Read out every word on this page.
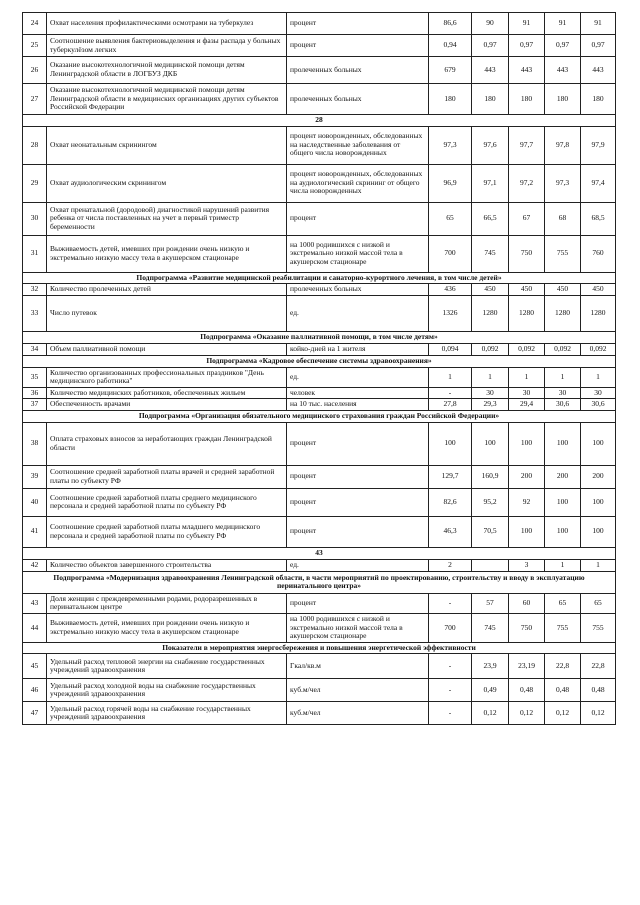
24	Охват населения профилактическими осмотрами на туберкулез	процент	86,6	90	91	91	91
25	Соотношение выявления бактериовыделения и фазы распада у больных туберкулёзом легких	процент	0,94	0,97	0,97	0,97	0,97
26	Оказание высокотехнологичной медицинской помощи детям Ленинградской области в ЛОГБУЗ ДКБ	пролеченных больных	679	443	443	443	443
27	Оказание высокотехнологичной медицинской помощи детям Ленинградской области в медицинских организациях других субъектов Российской Федерации	пролеченных больных	180	180	180	180	180
28							
28	Охват неонатальным скринингом	процент новорожденных, обследованных на наследственные заболевания от общего числа новорожденных	97,3	97,6	97,7	97,8	97,9
29	Охват аудиологическим скринингом	процент новорожденных, обследованных на аудиологический скрининг от общего числа новорожденных	96,9	97,1	97,2	97,3	97,4
30	Охват пренатальной (дородовой) диагностикой нарушений развития ребенка от числа поставленных на учет в первый триместр беременности	процент	65	66,5	67	68	68,5
31	Выживаемость детей, имевших при рождении очень низкую и экстремально низкую массу тела в акушерском стационаре	на 1000 родившихся с низкой и экстремально низкой массой тела в акушерском стационаре	700	745	750	755	760
Подпрограмма «Развитие медицинской реабилитации и санаторно-курортного лечения, в том числе детей»							
32	Количество пролеченных детей	пролеченных больных	436	450	450	450	450
33	Число путевок	ед.	1326	1280	1280	1280	1280
Подпрограмма «Оказание паллиативной помощи, в том числе детям»							
34	Объем паллиативной помощи	койко-дней на 1 жителя	0,094	0,092	0,092	0,092	0,092
Подпрограмма «Кадровое обеспечение системы здравоохранения»							
35	Количество организованных профессиональных праздников "День медицинского работника"	ед.	1	1	1	1	1
36	Количество медицинских работников, обеспеченных жильем	человек	-	30	30	30	30
37	Обеспеченность врачами	на 10 тыс. населения	27,8	29,3	29,4	30,6	30,6
Подпрограмма «Организация обязательного медицинского страхования граждан Российской Федерации»							
38	Оплата страховых взносов за неработающих граждан Ленинградской области	процент	100	100	100	100	100
39	Соотношение средней заработной платы врачей и средней заработной платы по субъекту РФ	процент	129,7	160,9	200	200	200
40	Соотношение средней заработной платы среднего медицинского персонала и средней заработной платы по субъекту РФ	процент	82,6	95,2	92	100	100
41	Соотношение средней заработной платы младшего медицинского персонала и средней заработной платы по субъекту РФ	процент	46,3	70,5	100	100	100
43							
42	Количество объектов завершенного строительства	ед.	2		3	1	1
Подпрограмма «Модернизация здравоохранения Ленинградской области, в части мероприятий по проектированию, строительству и вводу в эксплуатацию перинатального центра»							
43	Доля женщин с преждевременными родами, родоразрешенных в перинатальном центре	процент	-	57	60	65	65
44	Выживаемость детей, имевших при рождении очень низкую и экстремально низкую массу тела в акушерском стационаре	на 1000 родившихся с низкой и экстремально низкой массой тела в акушерском стационаре	700	745	750	755	755
Показатели в мероприятия энергосбережения и повышения энергетической эффективности							
45	Удельный расход тепловой энергии на снабжение государственных учреждений здравоохранения	Гкал/кв.м	-	23,9	23,19	22,8	22,8
46	Удельный расход холодной воды на снабжение государственных учреждений здравоохранения	куб.м/чел	-	0,49	0,48	0,48	0,48
47	Удельный расход горячей воды на снабжение государственных учреждений здравоохранения	куб.м/чел	-	0,12	0,12	0,12	0,12
